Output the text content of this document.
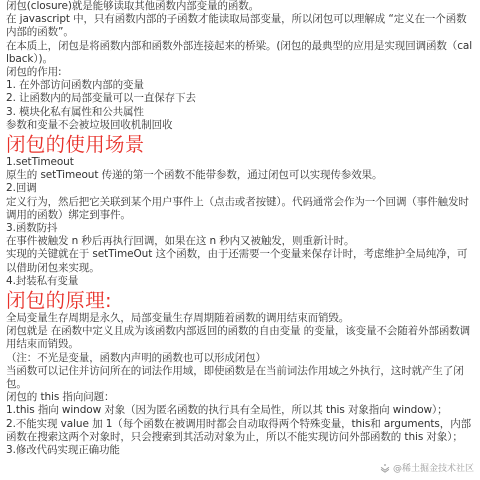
闭包(closure)就是能够读取其他函数内部变量的函数。

在 javascript 中，只有函数内部的子函数才能读取局部变量，所以闭包可以理解成 “定义在一个函数内部的函数”。

在本质上，闭包是将函数内部和函数外部连接起来的桥梁。(闭包的最典型的应用是实现回调函数（callback）)。

闭包的作用:

1. 在外部访问函数内部的变量

2. 让函数内的局部变量可以一直保存下去

3. 模块化私有属性和公共属性

参数和变量不会被垃圾回收机制回收

闭包的使用场景

1.setTimeout

原生的 setTimeout 传递的第一个函数不能带参数，通过闭包可以实现传参效果。

2.回调

定义行为，然后把它关联到某个用户事件上（点击或者按键）。代码通常会作为一个回调（事件触发时调用的函数）绑定到事件。

3.函数防抖

在事件被触发 n 秒后再执行回调，如果在这 n 秒内又被触发，则重新计时。

实现的关键就在于 setTimeOut 这个函数，由于还需要一个变量来保存计时，考虑维护全局纯净，可以借助闭包来实现。

4.封装私有变量

闭包的原理:

全局变量生存周期是永久，局部变量生存周期随着函数的调用结束而销毁。

闭包就是 在函数中定义且成为该函数内部返回的函数的自由变量 的变量，该变量不会随着外部函数调用结束而销毁。

（注：不光是变量，函数内声明的函数也可以形成闭包）

当函数可以记住并访问所在的词法作用域，即使函数是在当前词法作用域之外执行，这时就产生了闭包。

闭包的 this 指向问题：

1.this 指向 window 对象（因为匿名函数的执行具有全局性，所以其 this 对象指向 window）；

2.不能实现 value 加 1（每个函数在被调用时都会自动取得两个特殊变量，this和 arguments，内部函数在搜索这两个对象时，只会搜索到其活动对象为止，所以不能实现访问外部函数的 this 对象）；

3.修改代码实现正确功能

@稀土掘金技术社区
